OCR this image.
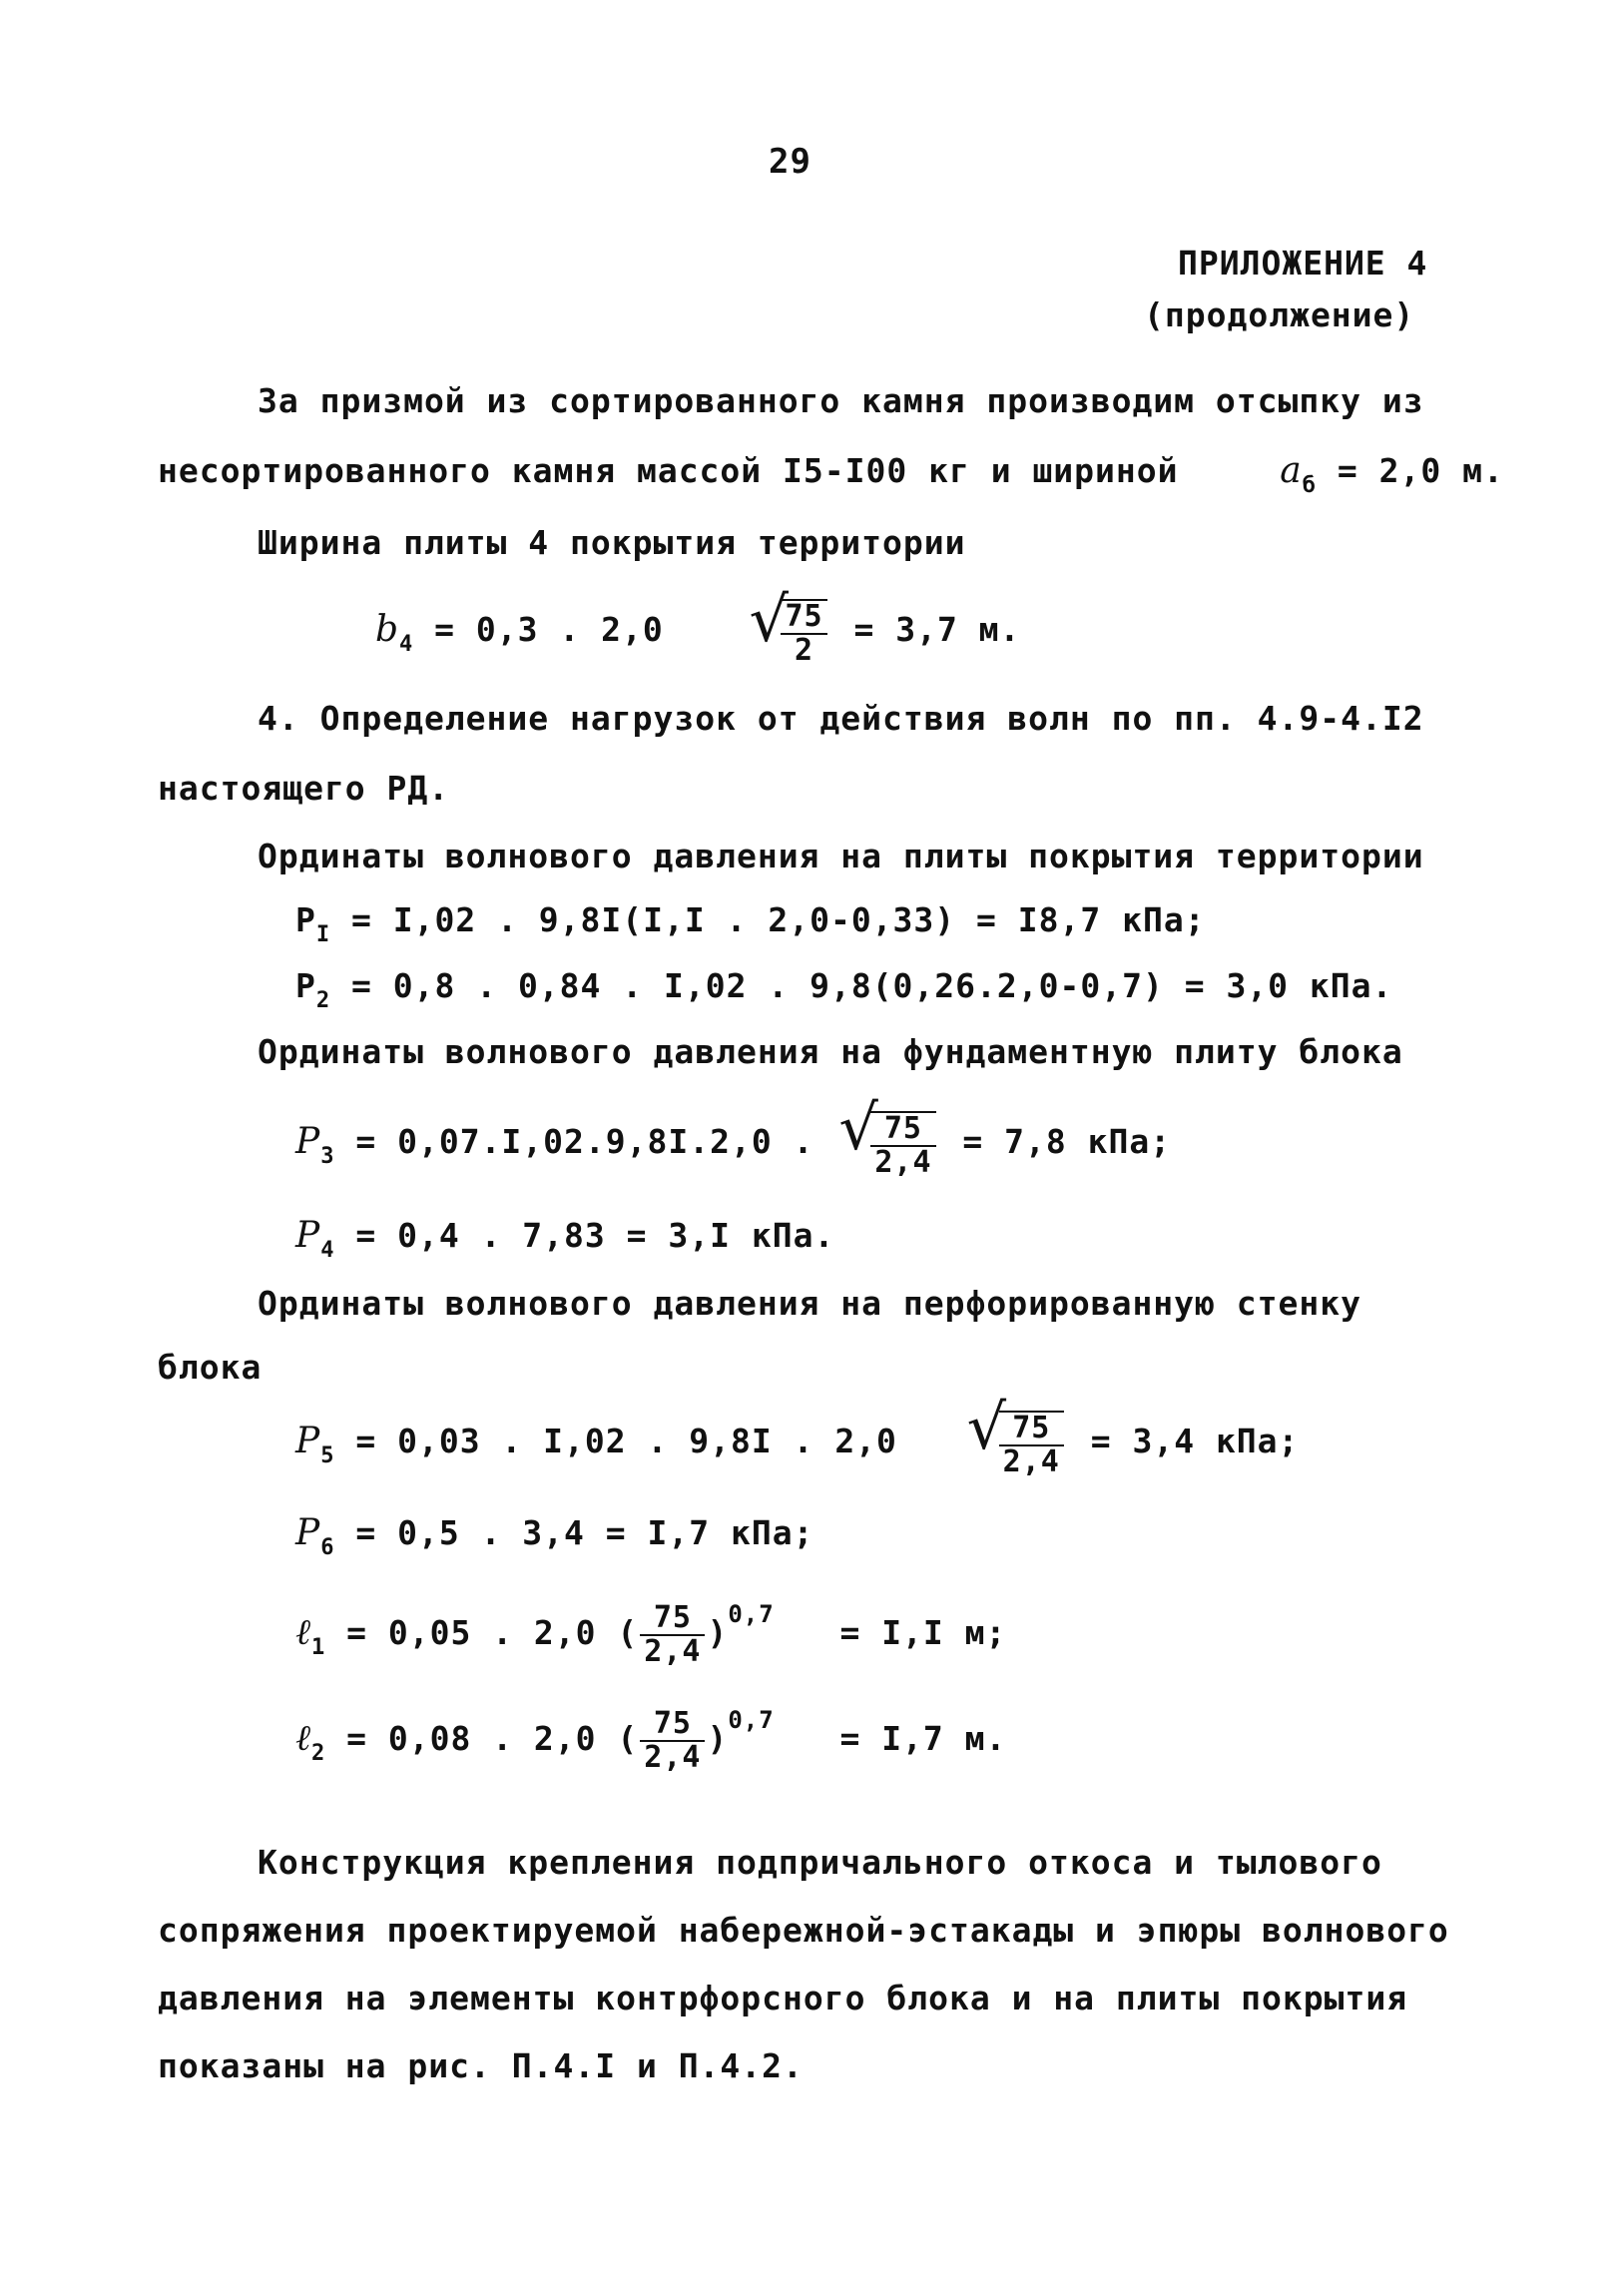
29
ПРИЛОЖЕНИЕ 4
(продолжение)
За призмой из сортированного камня производим отсыпку из
несортированного камня массой I5-I00 кг и шириной	$a_б = 2,0$ м.
Ширина плиты 4 покрытия территории
$b_4 = 0,3$ . 2,0 √
$\frac{75}{2} = 3,7$ м.
4. Определение нагрузок от действия волн по пп. 4.9-4.I2
настоящего РД.
Ординаты волнового давления на плиты покрытия территории
$P_I = I,02$ . 9,8I(I,I . 2,0-0,33) = I8,7 кПа;
$P_2 = 0,8$ . 0,84 . I,02 . 9,8(0,26.2,0-0,7) = 3,0 кПа.
Ординаты волнового давления на фундаментную плиту блока
$P_3 = 0,07.I,02.9,8I.2,0$ . √
$\frac{75}{2,4} = 7,8$ кПа;
$P_4 = 0,4$ . 7,83 = 3,I кПа.
Ординаты волнового давления на перфорированную стенку
блока
$P_5 = 0,03$ . I,02 . 9,8I . 2,0 √
$\frac{75}{2,4} = 3,4$ кПа;
$P_6 = 0,5$ . 3,4 = I,7 кПа;
ℓ$_1$ = 0,05 . 2,0 ( $\frac{75}{2,4} )^{0,7} = I,I$ м;
ℓ$_2$ = 0,08 . 2,0 ( $\frac{75}{2,4} )^{0,7} = I,7$ м.
Конструкция крепления подпричального откоса и тылового
сопряжения проектируемой набережной-эстакады и эпюры волнового
давления на элементы контрфорсного блока и на плиты покрытия
показаны на рис. П.4.I и П.4.2.
